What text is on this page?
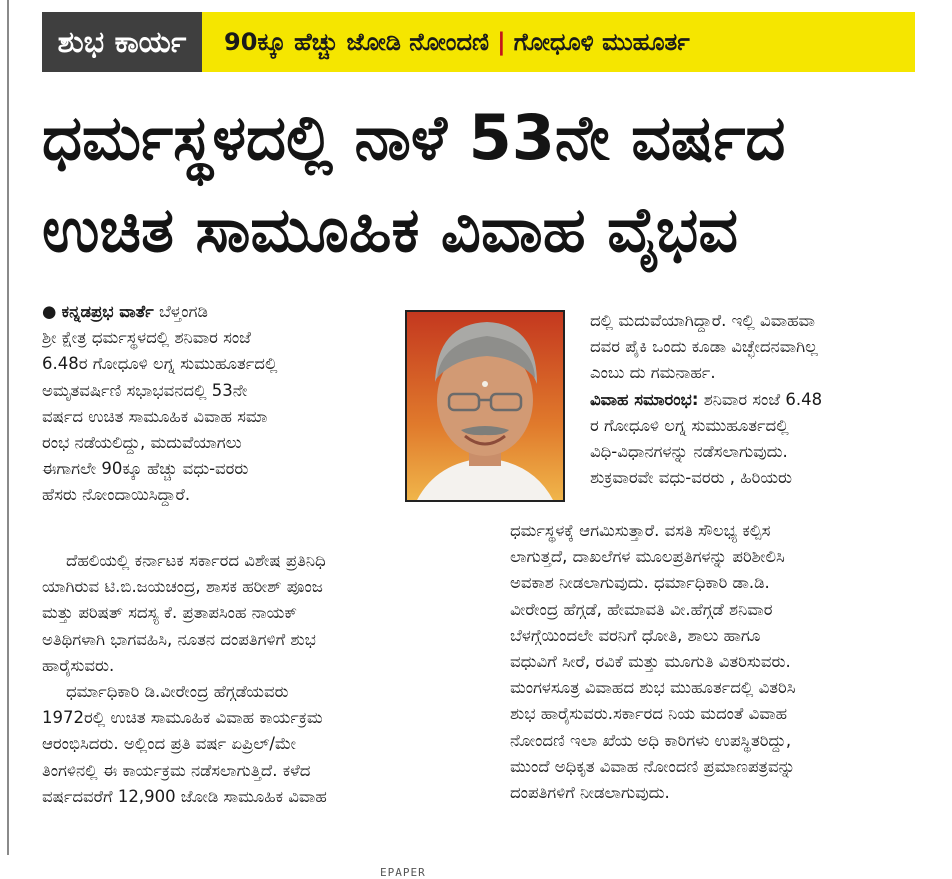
ಶುಭ ಕಾರ್ಯ	90ಕ್ಕೂ ಹೆಚ್ಚು ಜೋಡಿ ನೋಂದಣಿ | ಗೋಧೂಳಿ ಮುಹೂರ್ತ
ಧರ್ಮಸ್ಥಳದಲ್ಲಿ ನಾಳೆ 53ನೇ ವರ್ಷದ
ಉಚಿತ ಸಾಮೂಹಿಕ ವಿವಾಹ ವೈಭವ
● ಕನ್ನಡಪ್ರಭ ವಾರ್ತೆ ಬೆಳ್ತಂಗಡಿ
ಶ್ರೀ ಕ್ಷೇತ್ರ ಧರ್ಮಸ್ಥಳದಲ್ಲಿ ಶನಿವಾರ ಸಂಜೆ
6.48ರ ಗೋಧೂಳಿ ಲಗ್ನ ಸುಮುಹೂರ್ತದಲ್ಲಿ
ಅಮೃತವರ್ಷಿಣಿ ಸಭಾಭವನದಲ್ಲಿ 53ನೇ
ವರ್ಷದ ಉಚಿತ ಸಾಮೂಹಿಕ ವಿವಾಹ ಸಮಾ
ರಂಭ ನಡೆಯಲಿದ್ದು, ಮದುವೆಯಾಗಲು
ಈಗಾಗಲೇ 90ಕ್ಕೂ ಹೆಚ್ಚು ವಧು-ವರರು
ಹೆಸರು ನೋಂದಾಯಿಸಿದ್ದಾರೆ.
ದೆಹಲಿಯಲ್ಲಿ ಕರ್ನಾಟಕ ಸರ್ಕಾರದ ವಿಶೇಷ ಪ್ರತಿನಿಧಿ
ಯಾಗಿರುವ ಟಿ.ಬಿ.ಜಯಚಂದ್ರ, ಶಾಸಕ ಹರೀಶ್ ಪೂಂಜ
ಮತ್ತು ಪರಿಷತ್ ಸದಸ್ಯ ಕೆ. ಪ್ರತಾಪಸಿಂಹ ನಾಯಕ್
ಅತಿಥಿಗಳಾಗಿ ಭಾಗವಹಿಸಿ, ನೂತನ ದಂಪತಿಗಳಿಗೆ ಶುಭ
ಹಾರೈಸುವರು.
ಧರ್ಮಾಧಿಕಾರಿ ಡಿ.ವೀರೇಂದ್ರ ಹೆಗ್ಗಡೆಯವರು
1972ರಲ್ಲಿ ಉಚಿತ ಸಾಮೂಹಿಕ ವಿವಾಹ ಕಾರ್ಯಕ್ರಮ
ಆರಂಭಿಸಿದರು. ಅಲ್ಲಿಂದ ಪ್ರತಿ ವರ್ಷ ಏಪ್ರಿಲ್/ಮೇ
ತಿಂಗಳಿನಲ್ಲಿ ಈ ಕಾರ್ಯಕ್ರಮ ನಡೆಸಲಾಗುತ್ತಿದೆ. ಕಳೆದ
ವರ್ಷದವರೆಗೆ 12,900 ಜೋಡಿ ಸಾಮೂಹಿಕ ವಿವಾಹ
ದಲ್ಲಿ ಮದುವೆಯಾಗಿದ್ದಾರೆ. ಇಲ್ಲಿ ವಿವಾಹವಾ
ದವರ ಪೈಕಿ ಒಂದು ಕೂಡಾ ವಿಚ್ಛೇದನವಾಗಿಲ್ಲ
ಎಂಬು ದು ಗಮನಾರ್ಹ.
ವಿವಾಹ ಸಮಾರಂಭ: ಶನಿವಾರ ಸಂಜೆ 6.48
ರ ಗೋಧೂಳಿ ಲಗ್ನ ಸುಮುಹೂರ್ತದಲ್ಲಿ
ವಿಧಿ-ವಿಧಾನಗಳನ್ನು ನಡೆಸಲಾಗುವುದು.
ಶುಕ್ರವಾರವೇ ವಧು-ವರರು , ಹಿರಿಯರು
ಧರ್ಮಸ್ಥಳಕ್ಕೆ ಆಗಮಿಸುತ್ತಾರೆ. ವಸತಿ ಸೌಲಭ್ಯ ಕಲ್ಪಿಸ
ಲಾಗುತ್ತದೆ, ದಾಖಲೆಗಳ ಮೂಲಪ್ರತಿಗಳನ್ನು ಪರಿಶೀಲಿಸಿ
ಅವಕಾಶ ನೀಡಲಾಗುವುದು. ಧರ್ಮಾಧಿಕಾರಿ ಡಾ.ಡಿ.
ವೀರೇಂದ್ರ ಹೆಗ್ಗಡೆ, ಹೇಮಾವತಿ ವೀ.ಹೆಗ್ಗಡೆ ಶನಿವಾರ
ಬೆಳಗ್ಗೆಯಿಂದಲೇ ವರನಿಗೆ ಧೋತಿ, ಶಾಲು ಹಾಗೂ
ವಧುವಿಗೆ ಸೀರೆ, ರವಿಕೆ ಮತ್ತು ಮೂಗುತಿ ವಿತರಿಸುವರು.
ಮಂಗಳಸೂತ್ರ ವಿವಾಹದ ಶುಭ ಮುಹೂರ್ತದಲ್ಲಿ ವಿತರಿಸಿ
ಶುಭ ಹಾರೈಸುವರು.ಸರ್ಕಾರದ ನಿಯ ಮದಂತೆ ವಿವಾಹ
ನೋಂದಣಿ ಇಲಾ ಖೆಯ ಅಧಿ ಕಾರಿಗಳು ಉಪಸ್ಥಿತರಿದ್ದು,
ಮುಂದೆ ಅಧಿಕೃತ ವಿವಾಹ ನೋಂದಣಿ ಪ್ರಮಾಣಪತ್ರವನ್ನು
ದಂಪತಿಗಳಿಗೆ ನೀಡಲಾಗುವುದು.
EPAPER
